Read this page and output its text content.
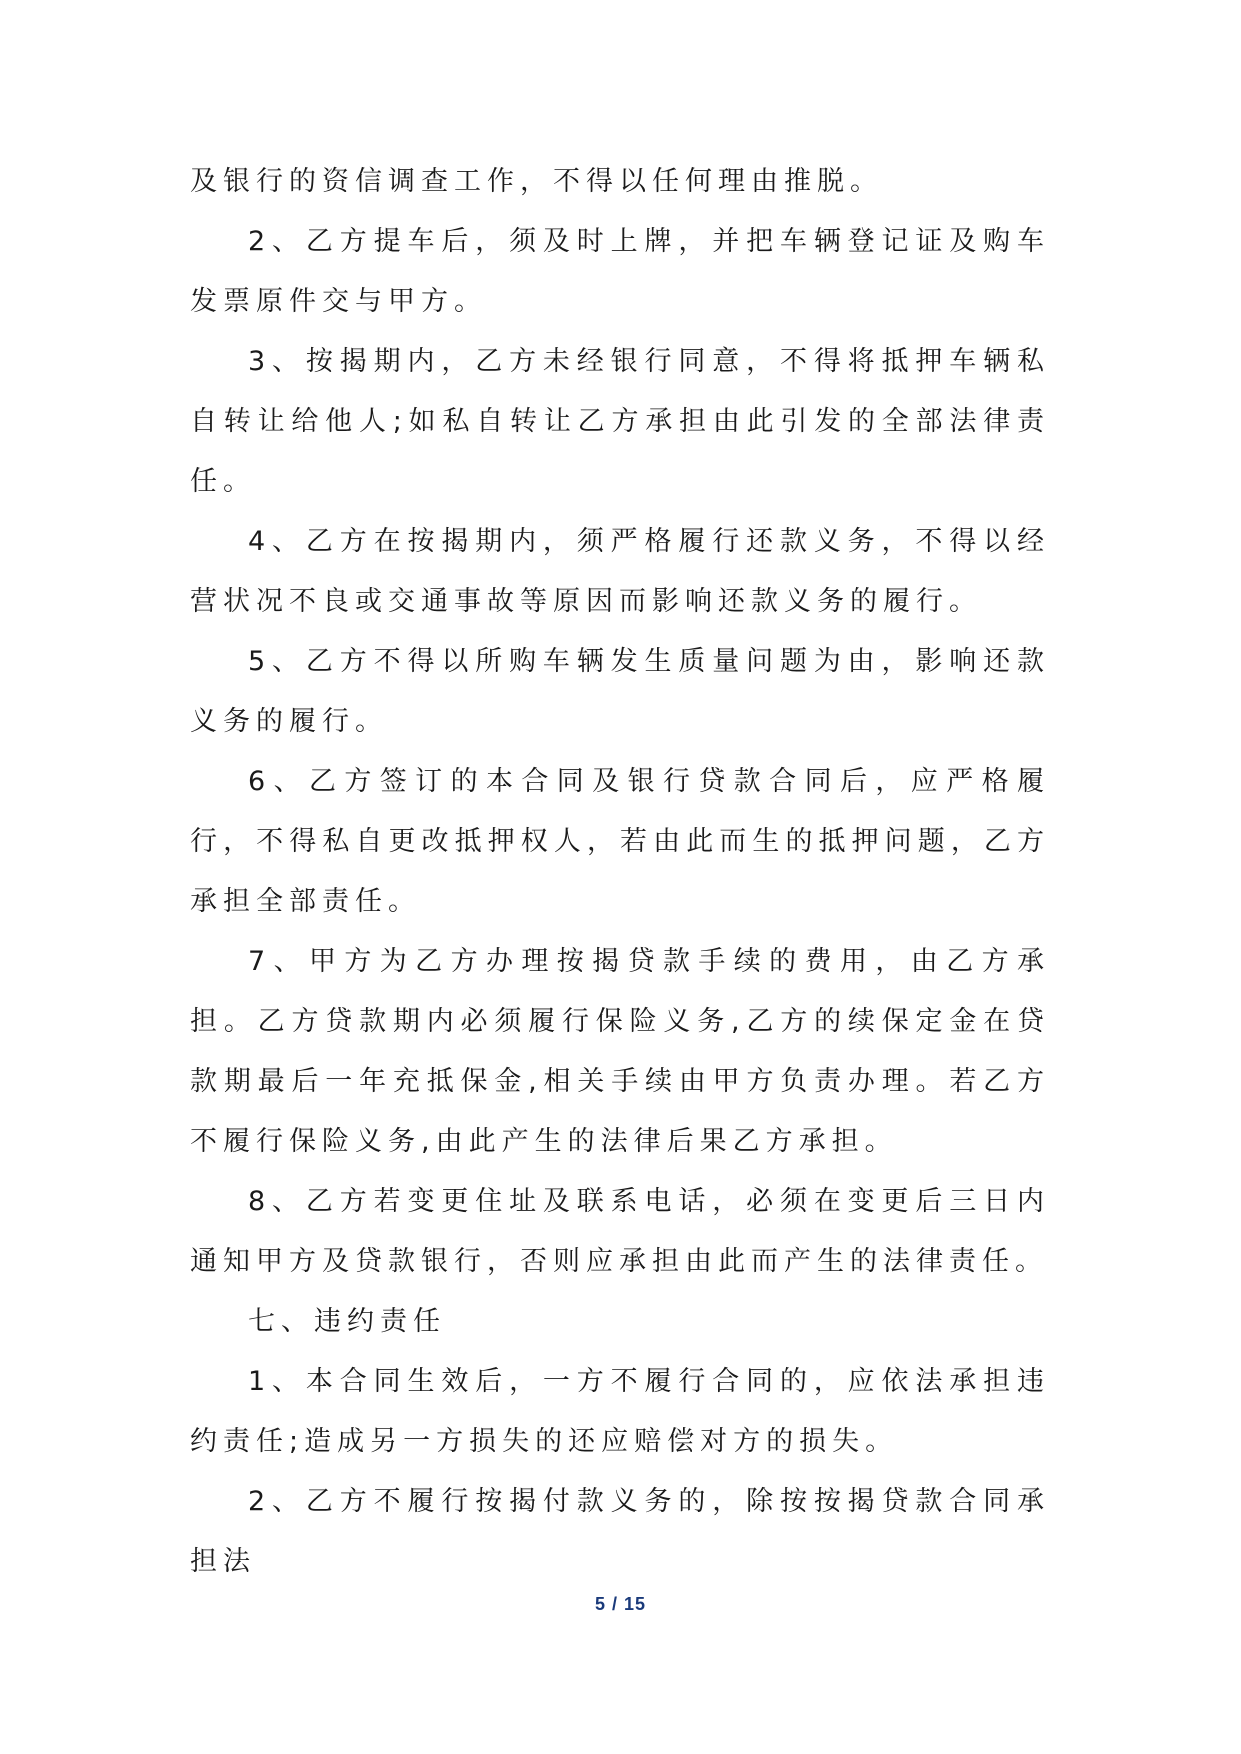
及银行的资信调查工作，不得以任何理由推脱。

2、乙方提车后，须及时上牌，并把车辆登记证及购车发票原件交与甲方。

3、按揭期内，乙方未经银行同意，不得将抵押车辆私自转让给他人;如私自转让乙方承担由此引发的全部法律责任。

4、乙方在按揭期内，须严格履行还款义务，不得以经营状况不良或交通事故等原因而影响还款义务的履行。

5、乙方不得以所购车辆发生质量问题为由，影响还款义务的履行。

6、乙方签订的本合同及银行贷款合同后，应严格履行，不得私自更改抵押权人，若由此而生的抵押问题，乙方承担全部责任。

7、甲方为乙方办理按揭贷款手续的费用，由乙方承担。乙方贷款期内必须履行保险义务,乙方的续保定金在贷款期最后一年充抵保金,相关手续由甲方负责办理。若乙方不履行保险义务,由此产生的法律后果乙方承担。

8、乙方若变更住址及联系电话，必须在变更后三日内通知甲方及贷款银行，否则应承担由此而产生的法律责任。

七、违约责任

1、本合同生效后，一方不履行合同的，应依法承担违约责任;造成另一方损失的还应赔偿对方的损失。

2、乙方不履行按揭付款义务的，除按按揭贷款合同承担法

5 / 15
